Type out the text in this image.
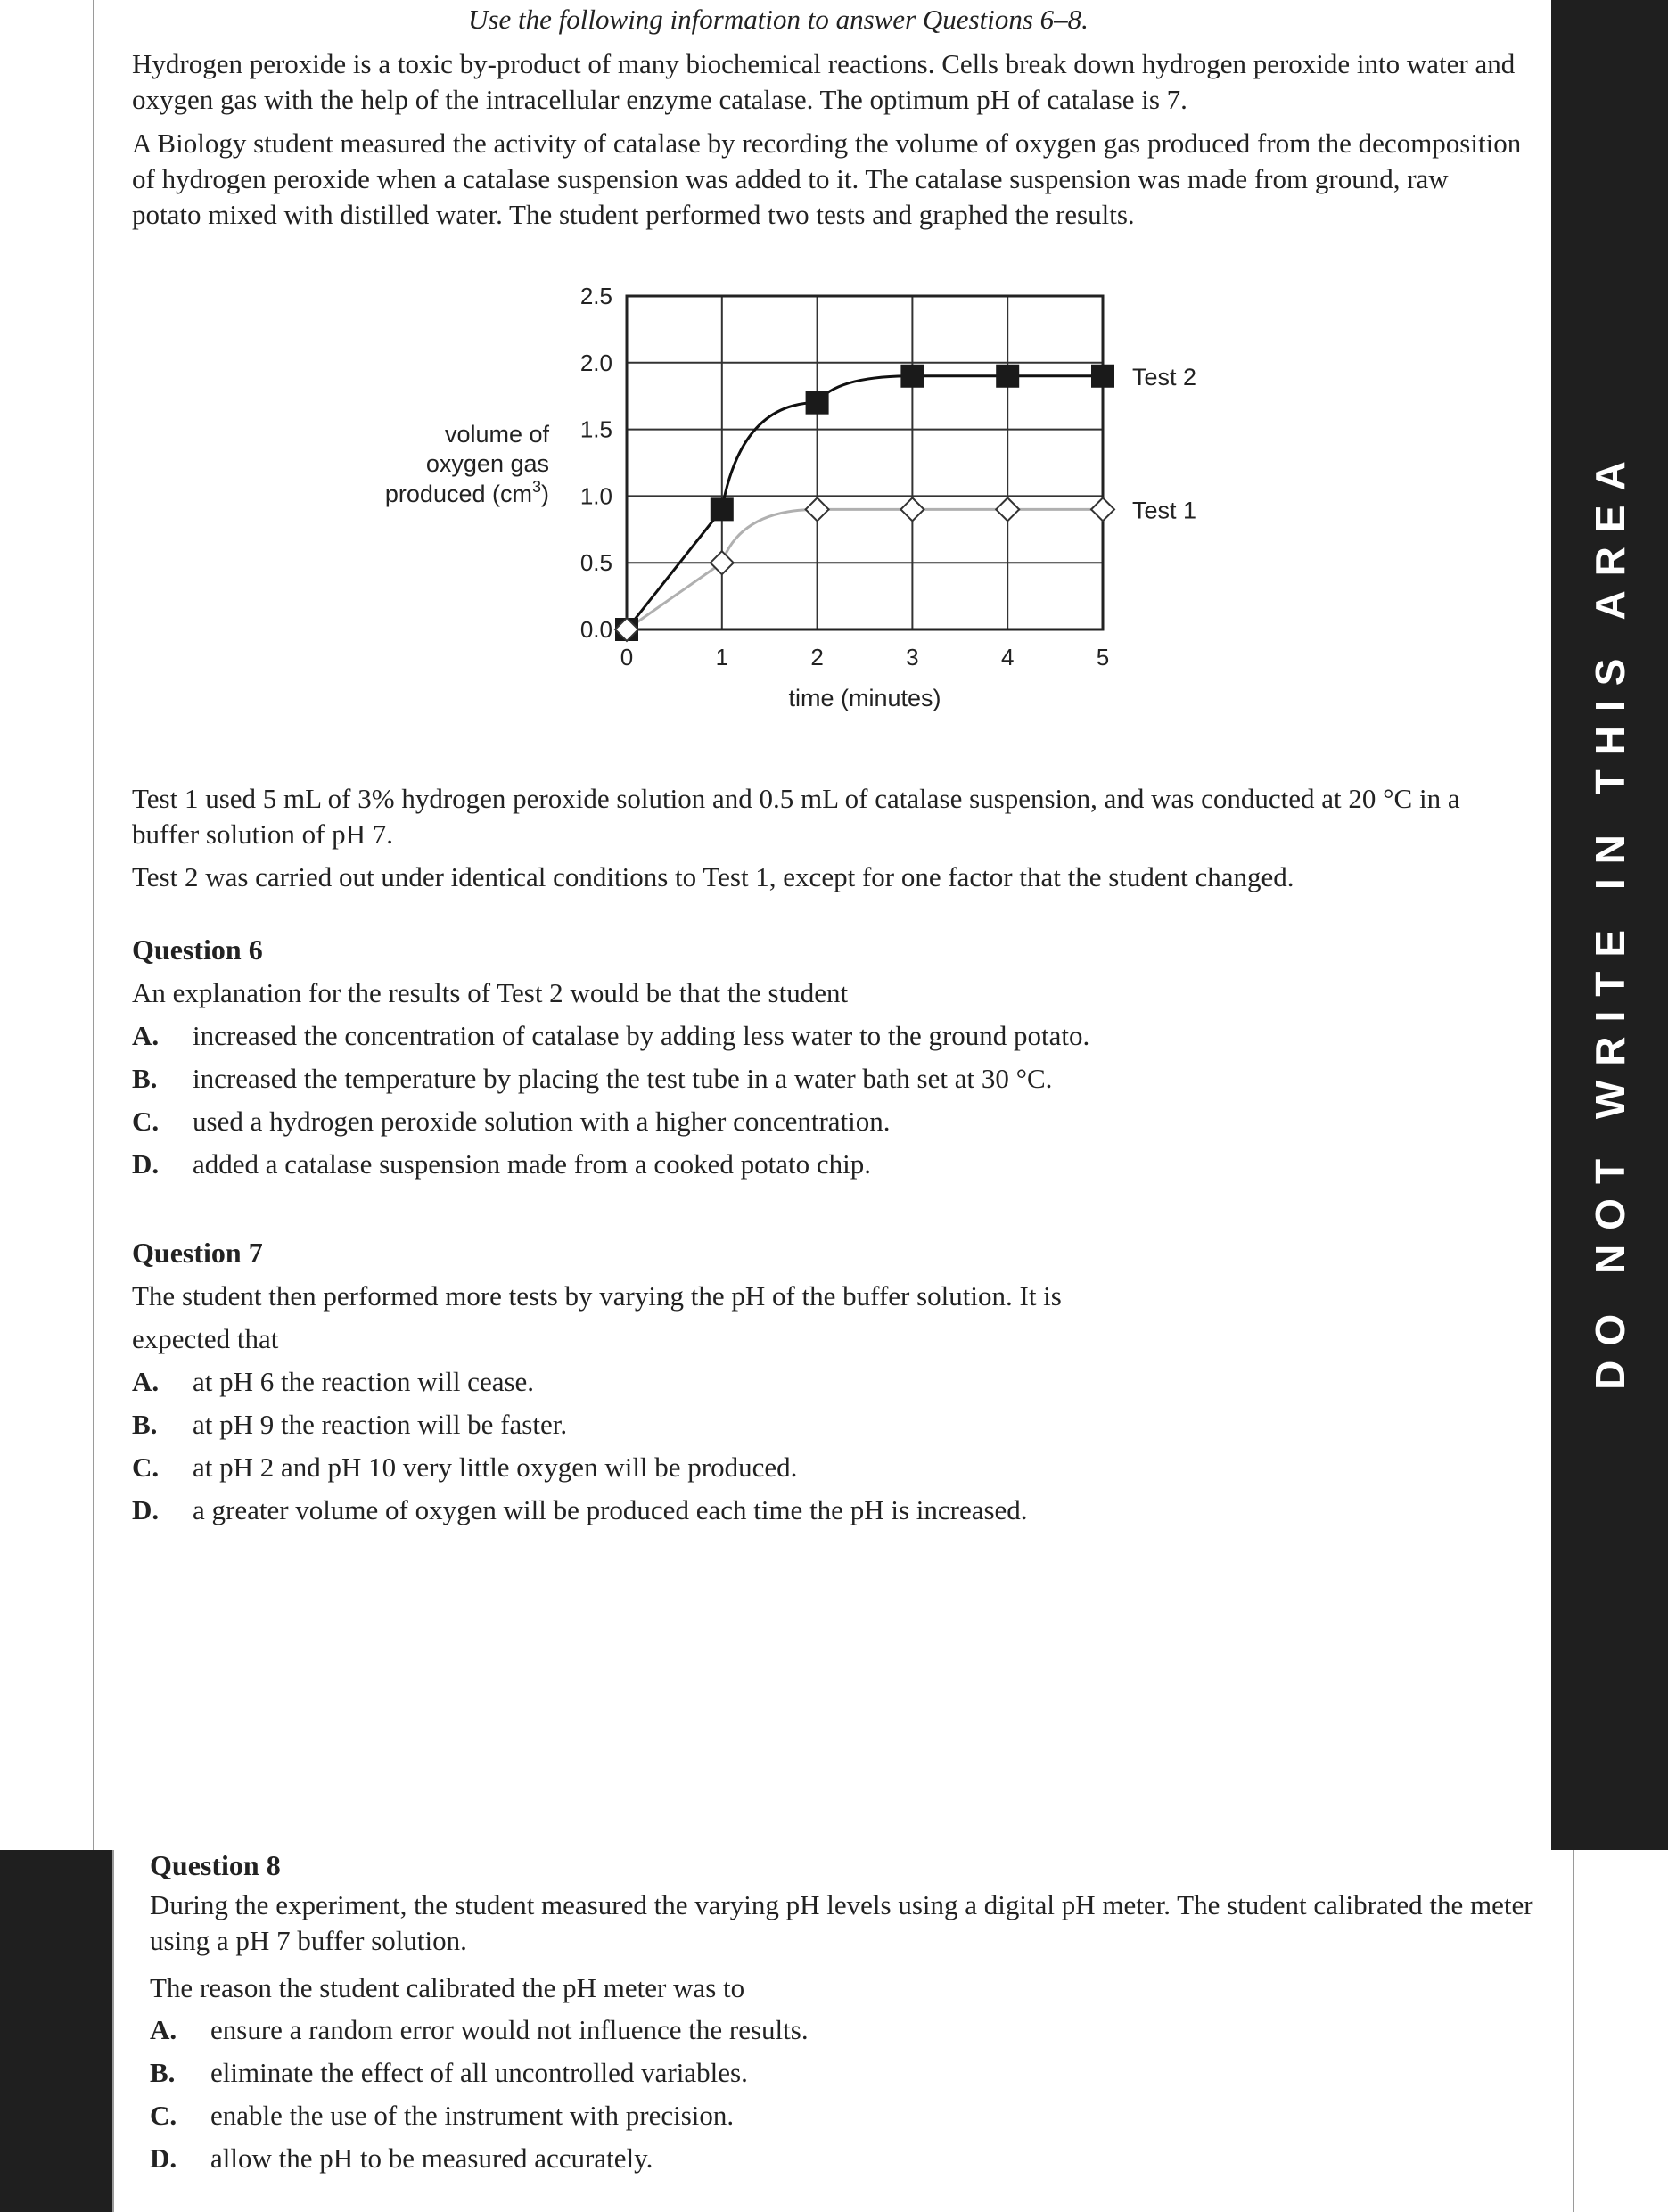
DO NOT WRITE IN THIS AREA
Use the following information to answer Questions 6–8.
Hydrogen peroxide is a toxic by-product of many biochemical reactions. Cells break down hydrogen peroxide into water and oxygen gas with the help of the intracellular enzyme catalase. The optimum pH of catalase is 7.
A Biology student measured the activity of catalase by recording the volume of oxygen gas produced from the decomposition of hydrogen peroxide when a catalase suspension was added to it. The catalase suspension was made from ground, raw potato mixed with distilled water. The student performed two tests and graphed the results.
0	1	2	3	4	5
0.0
0.5
1.0
1.5
2.0
2.5
time (minutes)
volume of
oxygen gas
produced $(cm^3)$
Test 2
Test 1
Test 1 used 5 mL of 3% hydrogen peroxide solution and 0.5 mL of catalase suspension, and was conducted at 20 °C in a buffer solution of pH 7.
Test 2 was carried out under identical conditions to Test 1, except for one factor that the student changed.
Question 6
An explanation for the results of Test 2 would be that the student
A. increased the concentration of catalase by adding less water to the ground potato.
B. increased the temperature by placing the test tube in a water bath set at 30 °C.
C. used a hydrogen peroxide solution with a higher concentration.
D. added a catalase suspension made from a cooked potato chip.
Question 7
The student then performed more tests by varying the pH of the buffer solution. It is expected that
A. at pH 6 the reaction will cease.
B. at pH 9 the reaction will be faster.
C. at pH 2 and pH 10 very little oxygen will be produced.
D. a greater volume of oxygen will be produced each time the pH is increased.
Question 8
During the experiment, the student measured the varying pH levels using a digital pH meter. The student calibrated the meter using a pH 7 buffer solution.
The reason the student calibrated the pH meter was to
A. ensure a random error would not influence the results.
B. eliminate the effect of all uncontrolled variables.
C. enable the use of the instrument with precision.
D. allow the pH to be measured accurately.
